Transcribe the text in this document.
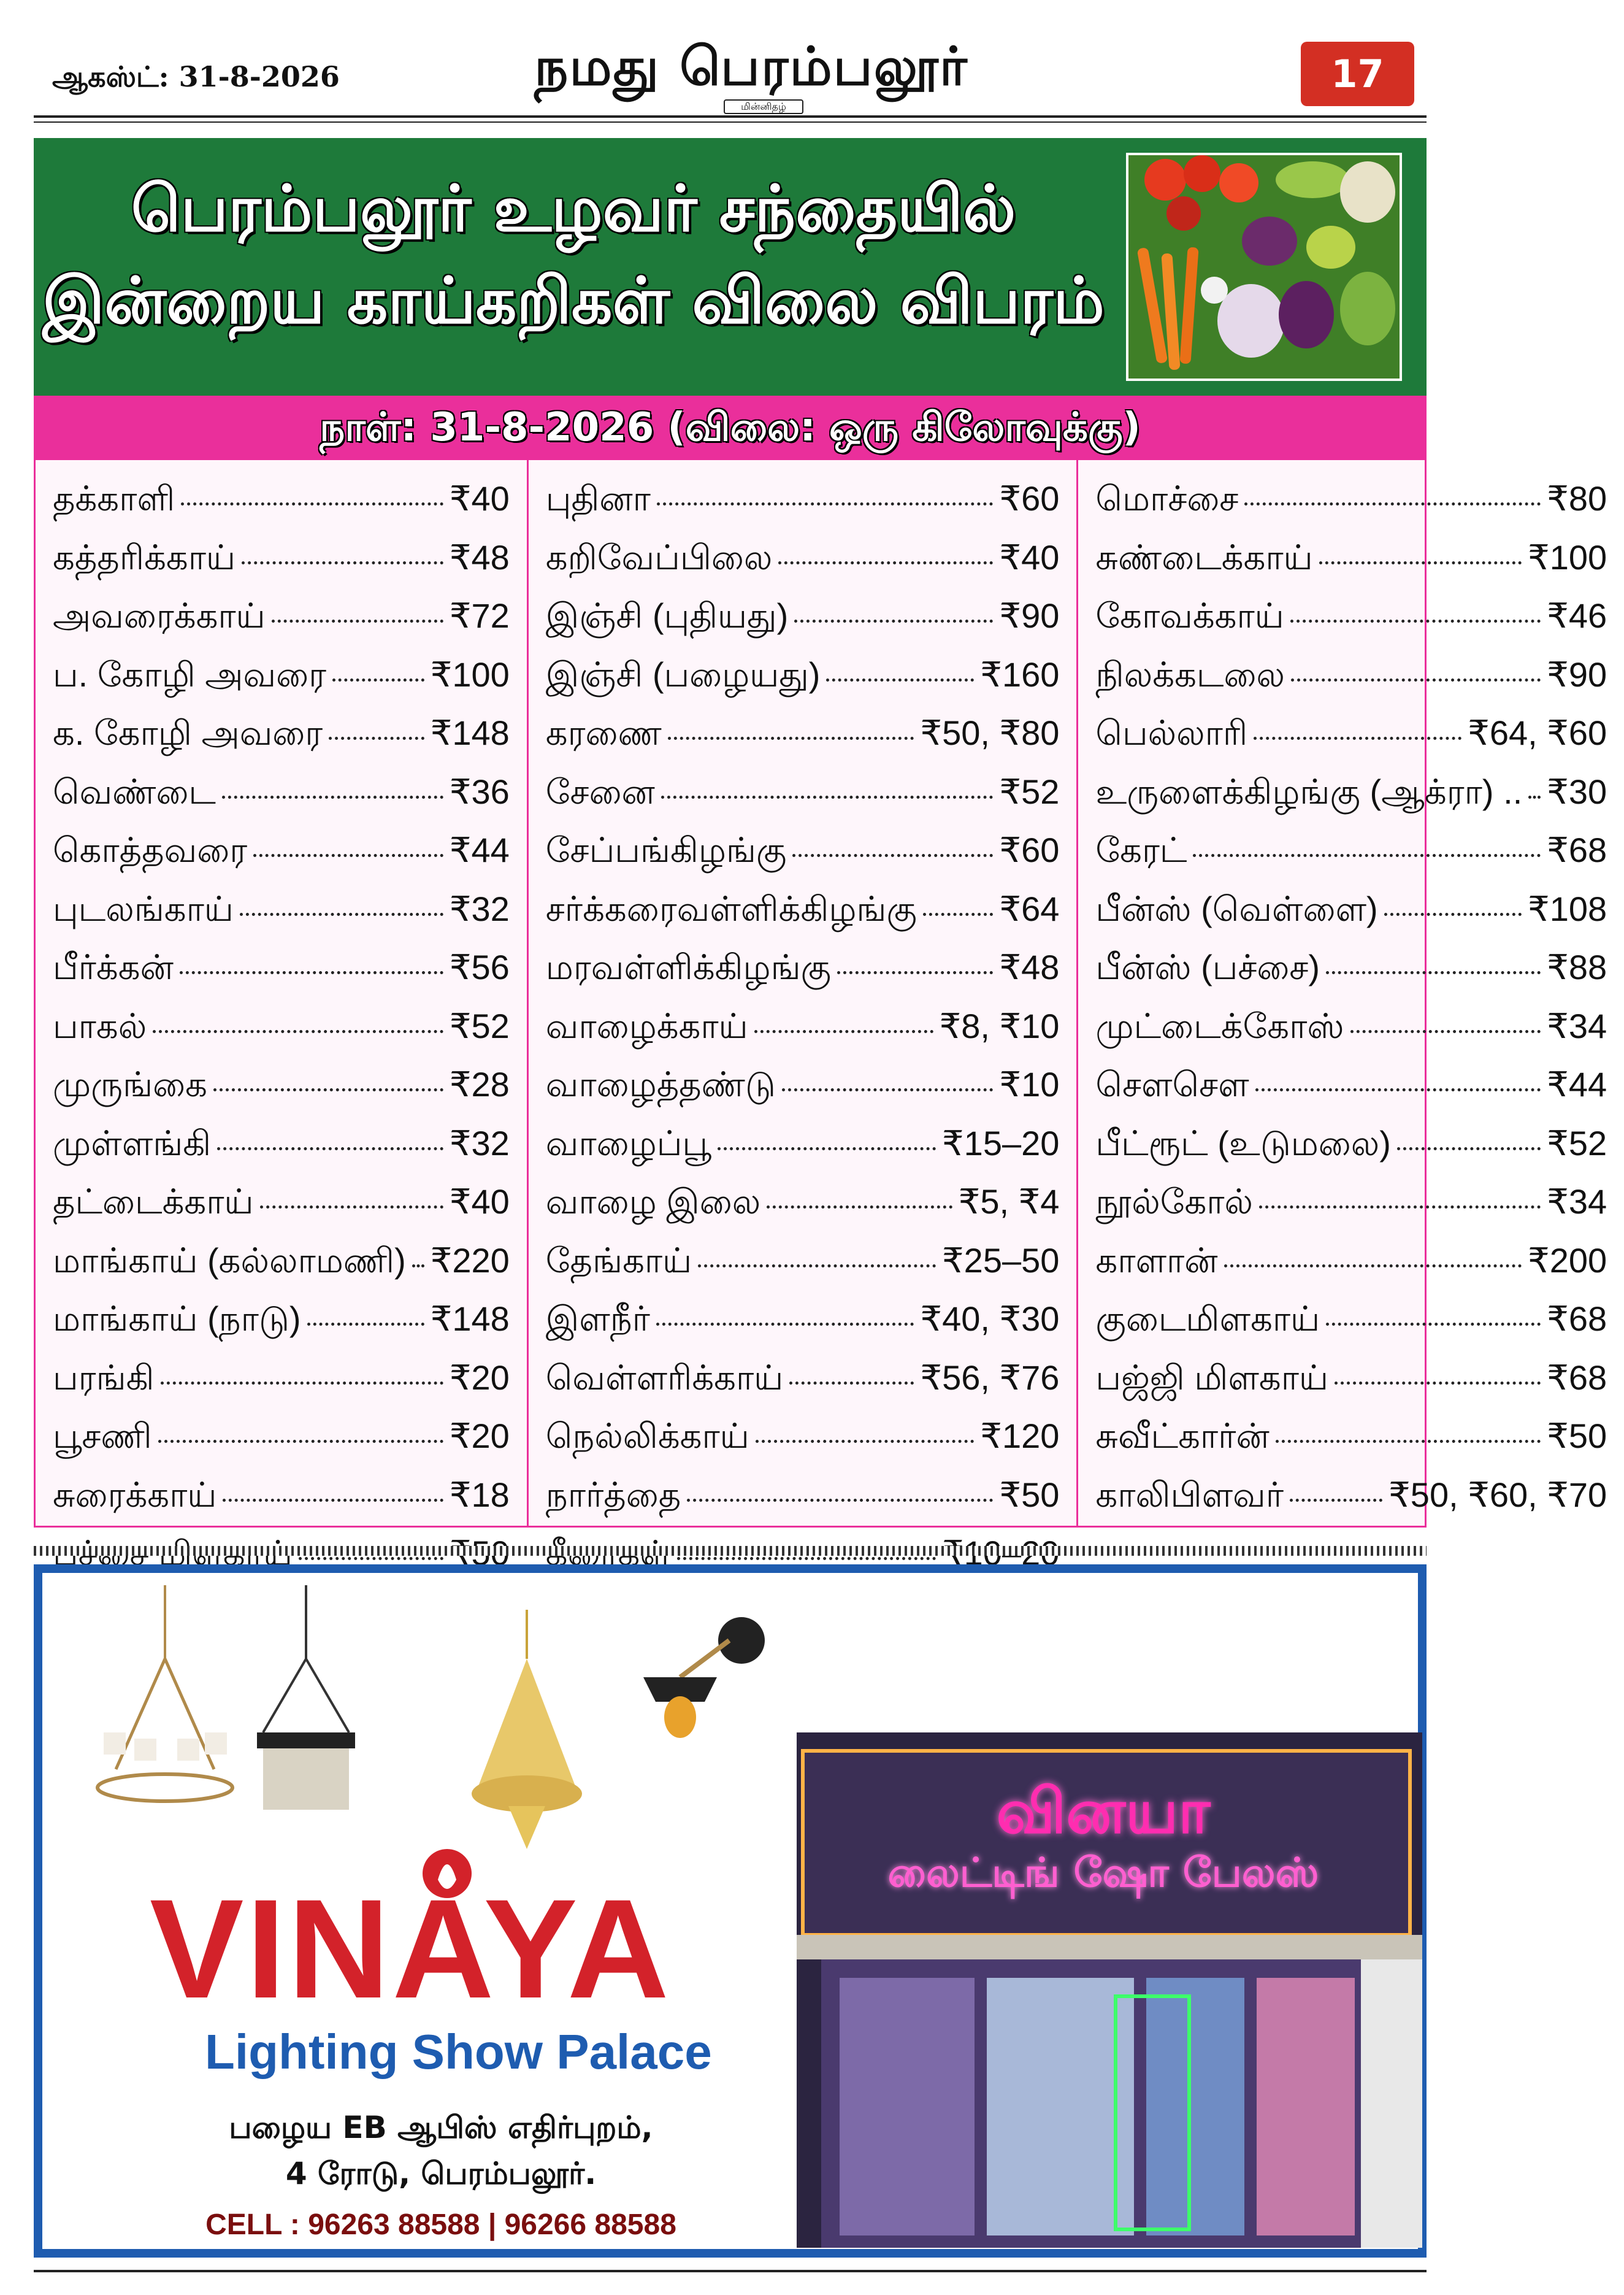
ஆகஸ்ட்: 31-8-2026	நமது பெரம்பலூர்
மின்னிதழ்
17
பெரம்பலூர் உழவர் சந்தையில்
இன்றைய காய்கறிகள் விலை விபரம்
நாள்: 31-8-2026 (விலை: ஒரு கிலோவுக்கு)
தக்காளி	₹40
கத்தரிக்காய்	₹48
அவரைக்காய்	₹72
ப. கோழி அவரை	₹100
க. கோழி அவரை	₹148
வெண்டை	₹36
கொத்தவரை	₹44
புடலங்காய்	₹32
பீர்க்கன்	₹56
பாகல்	₹52
முருங்கை	₹28
முள்ளங்கி	₹32
தட்டைக்காய்	₹40
மாங்காய் (கல்லாமணி) ₹220
மாங்காய் (நாடு)	₹148
பரங்கி	₹20
பூசணி	₹20
சுரைக்காய்	₹18
புதினா	₹60
கறிவேப்பிலை	₹40
இஞ்சி (புதியது)	₹90
இஞ்சி (பழையது)	₹160
கரணை	₹50, ₹80
சேனை	₹52
சேப்பங்கிழங்கு	₹60
சர்க்கரைவள்ளிக்கிழங்கு ₹64
மரவள்ளிக்கிழங்கு	₹48
வாழைக்காய்	₹8, ₹10
வாழைத்தண்டு	₹10
வாழைப்பூ	₹15–20
வாழை இலை	₹5, ₹4
தேங்காய்	₹25–50
இளநீர்	₹40, ₹30
வெள்ளரிக்காய்	₹56, ₹76
நெல்லிக்காய்	₹120
நார்த்தை	₹50
மொச்சை	₹80
சுண்டைக்காய்	₹100
கோவக்காய்	₹46
நிலக்கடலை	₹90
பெல்லாரி	₹64, ₹60
உருளைக்கிழங்கு (ஆக்ரா) .. ₹30
கேரட்	₹68
பீன்ஸ் (வெள்ளை)	₹108
பீன்ஸ் (பச்சை)	₹88
முட்டைக்கோஸ்	₹34
சௌசௌ	₹44
பீட்ரூட் (உடுமலை)	₹52
நூல்கோல்	₹34
காளான்	₹200
குடைமிளகாய்	₹68
பஜ்ஜி மிளகாய்	₹68
சுவீட்கார்ன்	₹50
காலிபிளவர்	₹50, ₹60, ₹70
VINAYA
Lighting Show Palace
பழைய EB ஆபிஸ் எதிர்புறம்,
4 ரோடு, பெரம்பலூர்.
CELL : 96263 88588 | 96266 88588
வினயா
லைட்டிங் ஷோ பேலஸ்
